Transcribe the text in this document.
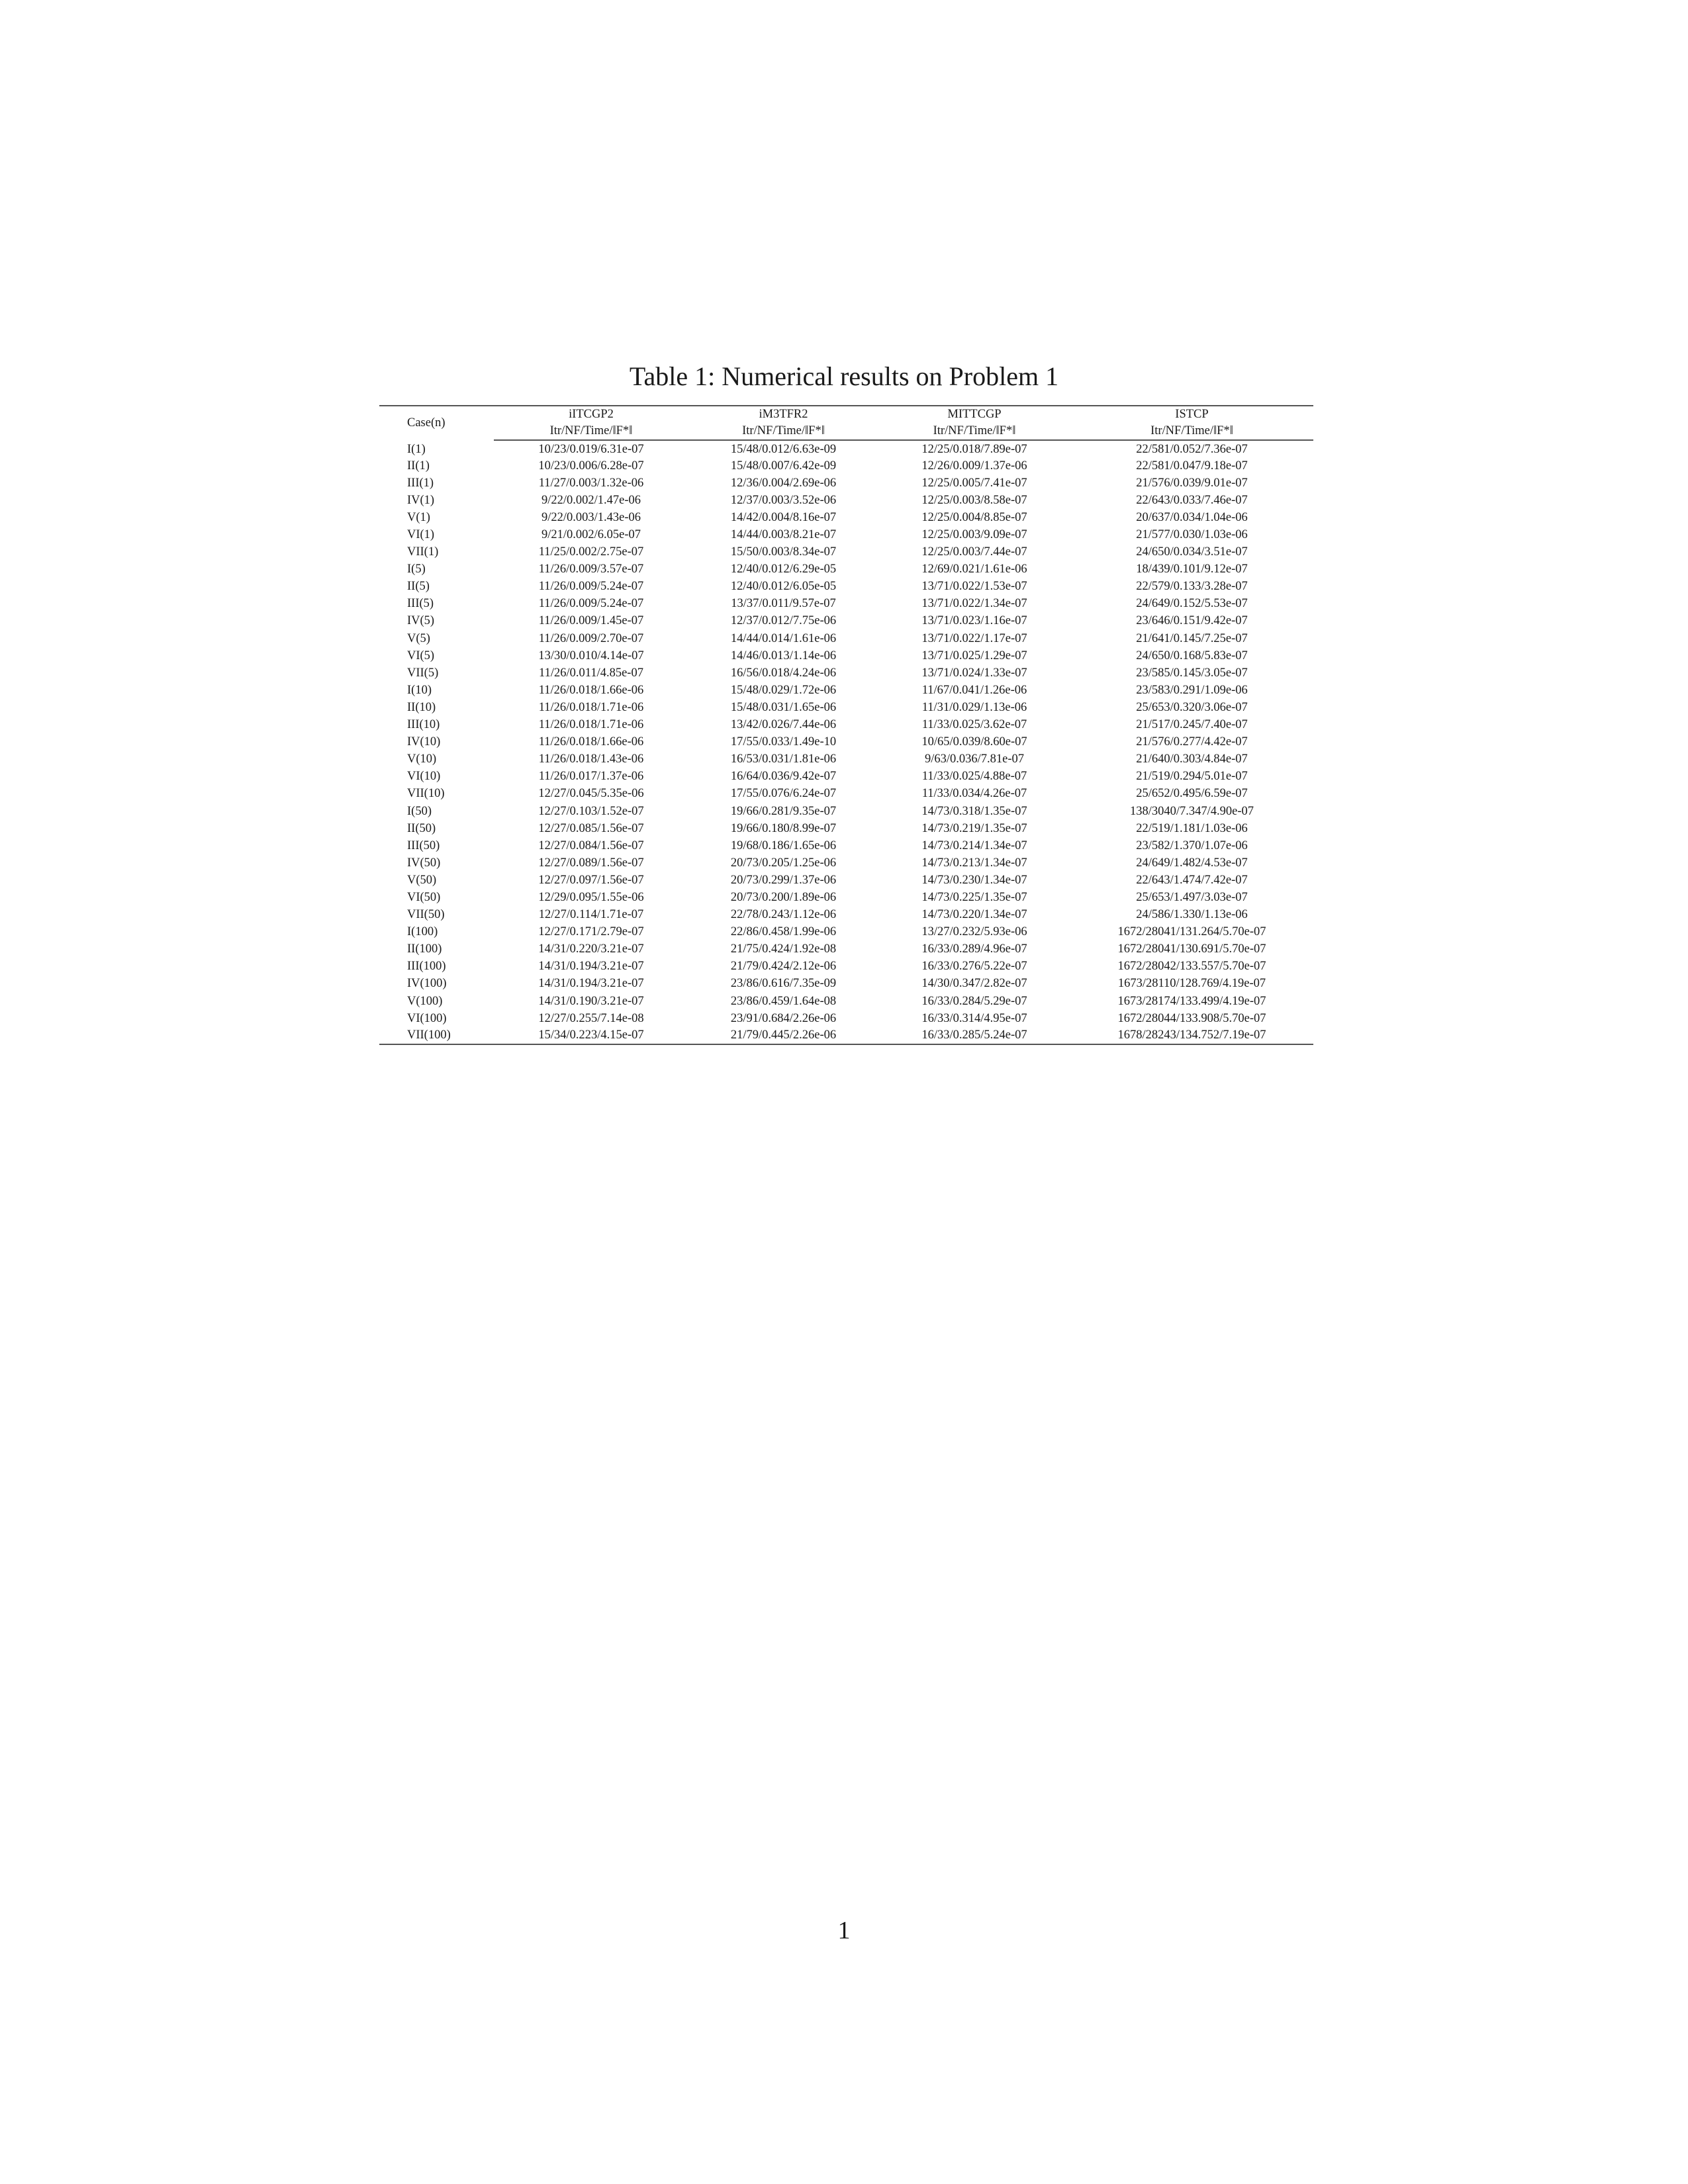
Table 1: Numerical results on Problem 1
Case(n)	iITCGP2	iM3TFR2	MITTCGP	ISTCP
	Itr/NF/Time/‖F*‖	Itr/NF/Time/‖F*‖	Itr/NF/Time/‖F*‖	Itr/NF/Time/‖F*‖
I(1)	10/23/0.019/6.31e-07	15/48/0.012/6.63e-09	12/25/0.018/7.89e-07	22/581/0.052/7.36e-07
II(1)	10/23/0.006/6.28e-07	15/48/0.007/6.42e-09	12/26/0.009/1.37e-06	22/581/0.047/9.18e-07
III(1)	11/27/0.003/1.32e-06	12/36/0.004/2.69e-06	12/25/0.005/7.41e-07	21/576/0.039/9.01e-07
IV(1)	9/22/0.002/1.47e-06	12/37/0.003/3.52e-06	12/25/0.003/8.58e-07	22/643/0.033/7.46e-07
V(1)	9/22/0.003/1.43e-06	14/42/0.004/8.16e-07	12/25/0.004/8.85e-07	20/637/0.034/1.04e-06
VI(1)	9/21/0.002/6.05e-07	14/44/0.003/8.21e-07	12/25/0.003/9.09e-07	21/577/0.030/1.03e-06
VII(1)	11/25/0.002/2.75e-07	15/50/0.003/8.34e-07	12/25/0.003/7.44e-07	24/650/0.034/3.51e-07
I(5)	11/26/0.009/3.57e-07	12/40/0.012/6.29e-05	12/69/0.021/1.61e-06	18/439/0.101/9.12e-07
II(5)	11/26/0.009/5.24e-07	12/40/0.012/6.05e-05	13/71/0.022/1.53e-07	22/579/0.133/3.28e-07
III(5)	11/26/0.009/5.24e-07	13/37/0.011/9.57e-07	13/71/0.022/1.34e-07	24/649/0.152/5.53e-07
IV(5)	11/26/0.009/1.45e-07	12/37/0.012/7.75e-06	13/71/0.023/1.16e-07	23/646/0.151/9.42e-07
V(5)	11/26/0.009/2.70e-07	14/44/0.014/1.61e-06	13/71/0.022/1.17e-07	21/641/0.145/7.25e-07
VI(5)	13/30/0.010/4.14e-07	14/46/0.013/1.14e-06	13/71/0.025/1.29e-07	24/650/0.168/5.83e-07
VII(5)	11/26/0.011/4.85e-07	16/56/0.018/4.24e-06	13/71/0.024/1.33e-07	23/585/0.145/3.05e-07
I(10)	11/26/0.018/1.66e-06	15/48/0.029/1.72e-06	11/67/0.041/1.26e-06	23/583/0.291/1.09e-06
II(10)	11/26/0.018/1.71e-06	15/48/0.031/1.65e-06	11/31/0.029/1.13e-06	25/653/0.320/3.06e-07
III(10)	11/26/0.018/1.71e-06	13/42/0.026/7.44e-06	11/33/0.025/3.62e-07	21/517/0.245/7.40e-07
IV(10)	11/26/0.018/1.66e-06	17/55/0.033/1.49e-10	10/65/0.039/8.60e-07	21/576/0.277/4.42e-07
V(10)	11/26/0.018/1.43e-06	16/53/0.031/1.81e-06	9/63/0.036/7.81e-07	21/640/0.303/4.84e-07
VI(10)	11/26/0.017/1.37e-06	16/64/0.036/9.42e-07	11/33/0.025/4.88e-07	21/519/0.294/5.01e-07
VII(10)	12/27/0.045/5.35e-06	17/55/0.076/6.24e-07	11/33/0.034/4.26e-07	25/652/0.495/6.59e-07
I(50)	12/27/0.103/1.52e-07	19/66/0.281/9.35e-07	14/73/0.318/1.35e-07	138/3040/7.347/4.90e-07
II(50)	12/27/0.085/1.56e-07	19/66/0.180/8.99e-07	14/73/0.219/1.35e-07	22/519/1.181/1.03e-06
III(50)	12/27/0.084/1.56e-07	19/68/0.186/1.65e-06	14/73/0.214/1.34e-07	23/582/1.370/1.07e-06
IV(50)	12/27/0.089/1.56e-07	20/73/0.205/1.25e-06	14/73/0.213/1.34e-07	24/649/1.482/4.53e-07
V(50)	12/27/0.097/1.56e-07	20/73/0.299/1.37e-06	14/73/0.230/1.34e-07	22/643/1.474/7.42e-07
VI(50)	12/29/0.095/1.55e-06	20/73/0.200/1.89e-06	14/73/0.225/1.35e-07	25/653/1.497/3.03e-07
VII(50)	12/27/0.114/1.71e-07	22/78/0.243/1.12e-06	14/73/0.220/1.34e-07	24/586/1.330/1.13e-06
I(100)	12/27/0.171/2.79e-07	22/86/0.458/1.99e-06	13/27/0.232/5.93e-06	1672/28041/131.264/5.70e-07
II(100)	14/31/0.220/3.21e-07	21/75/0.424/1.92e-08	16/33/0.289/4.96e-07	1672/28041/130.691/5.70e-07
III(100)	14/31/0.194/3.21e-07	21/79/0.424/2.12e-06	16/33/0.276/5.22e-07	1672/28042/133.557/5.70e-07
IV(100)	14/31/0.194/3.21e-07	23/86/0.616/7.35e-09	14/30/0.347/2.82e-07	1673/28110/128.769/4.19e-07
V(100)	14/31/0.190/3.21e-07	23/86/0.459/1.64e-08	16/33/0.284/5.29e-07	1673/28174/133.499/4.19e-07
VI(100)	12/27/0.255/7.14e-08	23/91/0.684/2.26e-06	16/33/0.314/4.95e-07	1672/28044/133.908/5.70e-07
VII(100)	15/34/0.223/4.15e-07	21/79/0.445/2.26e-06	16/33/0.285/5.24e-07	1678/28243/134.752/7.19e-07
1
